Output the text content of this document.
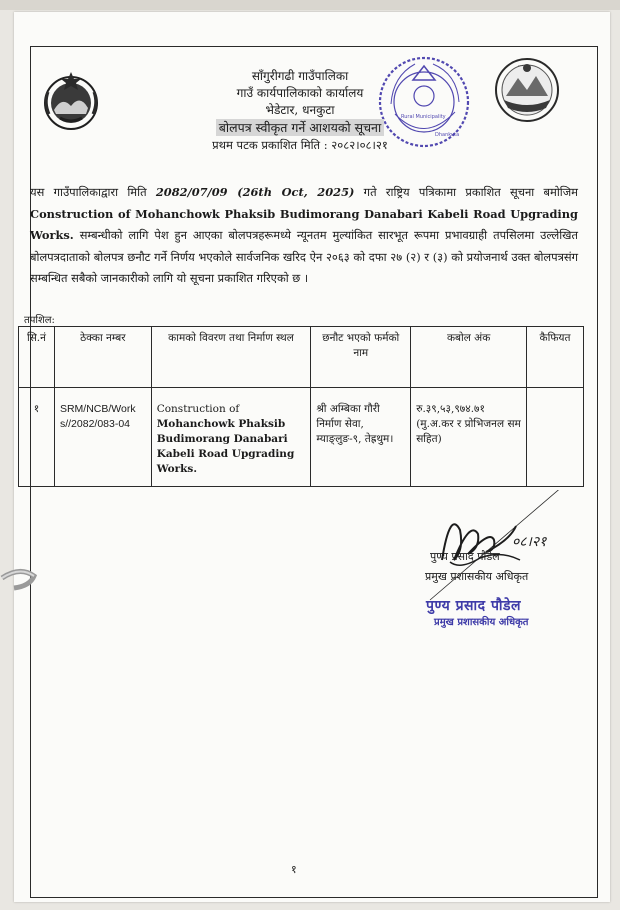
Rural Municipality
Dhankuta
---
साँगुरीगढी गाउँपालिका
गाउँ कार्यपालिकाको कार्यालय
भेडेटार, धनकुटा
बोलपत्र स्वीकृत गर्ने आशयको सूचना
प्रथम पटक प्रकाशित मिति : २०८२।०८।२१
यस गाउँपालिकाद्वारा मिति 2082/07/09 (26th Oct, 2025) गते राष्ट्रिय पत्रिकामा प्रकाशित सूचना बमोजिम Construction of Mohanchowk Phaksib Budimorang Danabari Kabeli Road Upgrading Works. सम्बन्धीको लागि पेश हुन आएका बोलपत्रहरूमध्ये न्यूनतम मुल्यांकित सारभूत रूपमा प्रभावग्राही तपसिलमा उल्लेखित बोलपत्रदाताको बोलपत्र छनौट गर्ने निर्णय भएकोले सार्वजनिक खरिद ऐन २०६३ को दफा २७ (२) र (३) को प्रयोजनार्थ उक्त बोलपत्रसंग सम्बन्धित सबैको जानकारीको लागि यो सूचना प्रकाशित गरिएको छ ।
तपशिल:
सि.नं	ठेक्का नम्बर	कामको विवरण तथा निर्माण स्थल	छनौट भएको फर्मको नाम	कबोल अंक	कैफियत
१	SRM/NCB/Works//2082/083-04	Construction of Mohanchowk Phaksib Budimorang Danabari Kabeli Road Upgrading Works.	श्री अम्बिका गौरी निर्माण सेवा, म्याङ्लुङ-९, तेह्रथुम।	रु.३९,५३,९७४.७१ (मु.अ.कर र प्रोभिजनल सम सहित)	
०८।२१
पुण्य प्रसाद पौडेल
प्रमुख प्रशासकीय अधिकृत
पुण्य प्रसाद पौडेल
प्रमुख प्रशासकीय अधिकृत
१
